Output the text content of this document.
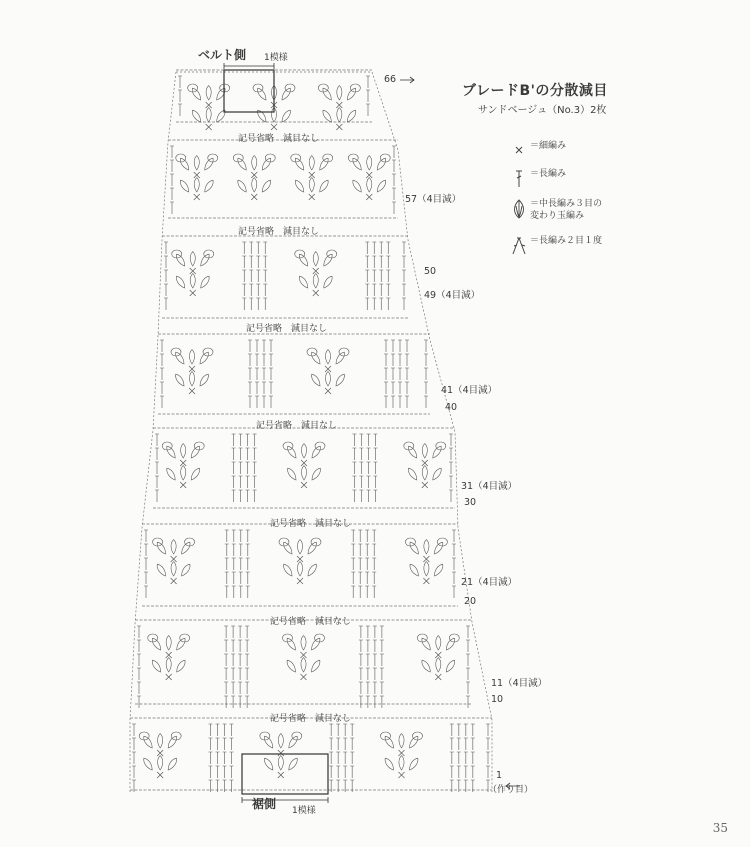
ベルト側 1模様
裾側 1模様
ブレードB'の分散減目
サンドベージュ（No.3）2枚
記号省略　減目なし
記号省略　減目なし
記号省略　減目なし
記号省略　減目なし
記号省略　減目なし
記号省略　減目なし
記号省略　減目なし
66
57（4目減）
50
49（4目減）
41（4目減）
40
31（4目減）
30
21（4目減）
20
11（4目減）
10
1
（作り目）
＝細編み
＝長編み
＝中長編み３目の
変わり玉編み
＝長編み２目１度
35
